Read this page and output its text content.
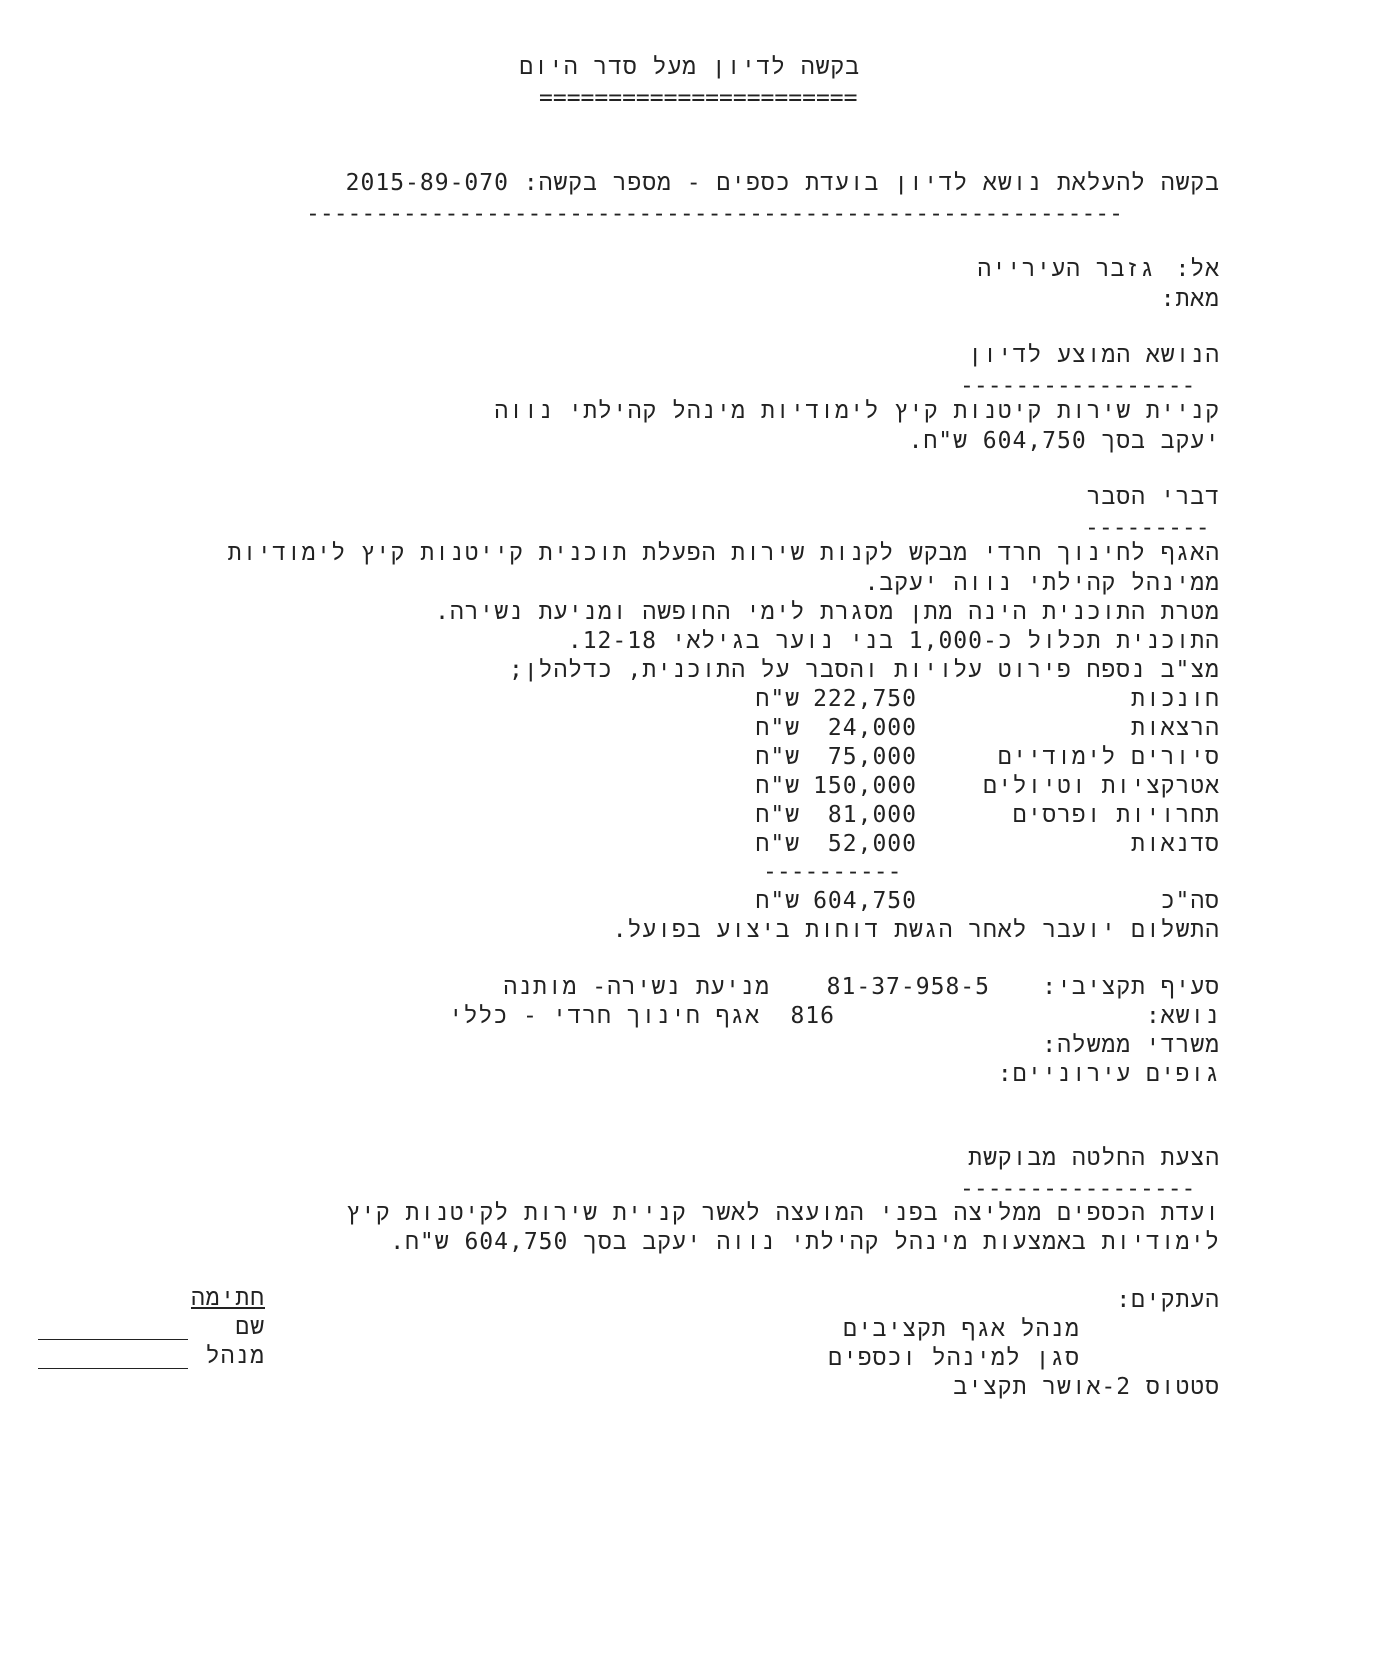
בקשה לדיון מעל סדר היום
=======================
בקשה להעלאת נושא לדיון בועדת כספים - מספר בקשה: 2015-89-070
-----------------------------------------------------------
אל:
גזבר העירייה
מאת:
הנושא המוצע לדיון
-----------------
קניית שירות קיטנות קיץ לימודיות מינהל קהילתי נווה
יעקב בסך 604,750 ש"ח.
דברי הסבר
---------
האגף לחינוך חרדי מבקש לקנות שירות הפעלת תוכנית קייטנות קיץ לימודיות
ממינהל קהילתי נווה יעקב.
מטרת התוכנית הינה מתן מסגרת לימי החופשה ומניעת נשירה.
התוכנית תכלול כ-1,000 בני נוער בגילאי 12-18.
מצ"ב נספח פירוט עלויות והסבר על התוכנית, כדלהלן;
חונכות
222,750
ש"ח
הרצאות
24,000
ש"ח
סיורים לימודיים
75,000
ש"ח
אטרקציות וטיולים
150,000
ש"ח
תחרויות ופרסים
81,000
ש"ח
סדנאות
52,000
ש"ח
----------
סה"כ
604,750
ש"ח
התשלום יועבר לאחר הגשת דוחות ביצוע בפועל.
סעיף תקציבי:
81-37-958-5
מניעת נשירה- מותנה
נושא:
816
אגף חינוך חרדי - כללי
משרדי ממשלה:
גופים עירוניים:
הצעת החלטה מבוקשת
-----------------
ועדת הכספים ממליצה בפני המועצה לאשר קניית שירות לקיטנות קיץ
לימודיות באמצעות מינהל קהילתי נווה יעקב בסך 604,750 ש"ח.
העתקים:
מנהל אגף תקציבים
סגן למינהל וכספים
סטטוס 2-אושר תקציב
חתימה
שם
מנהל
